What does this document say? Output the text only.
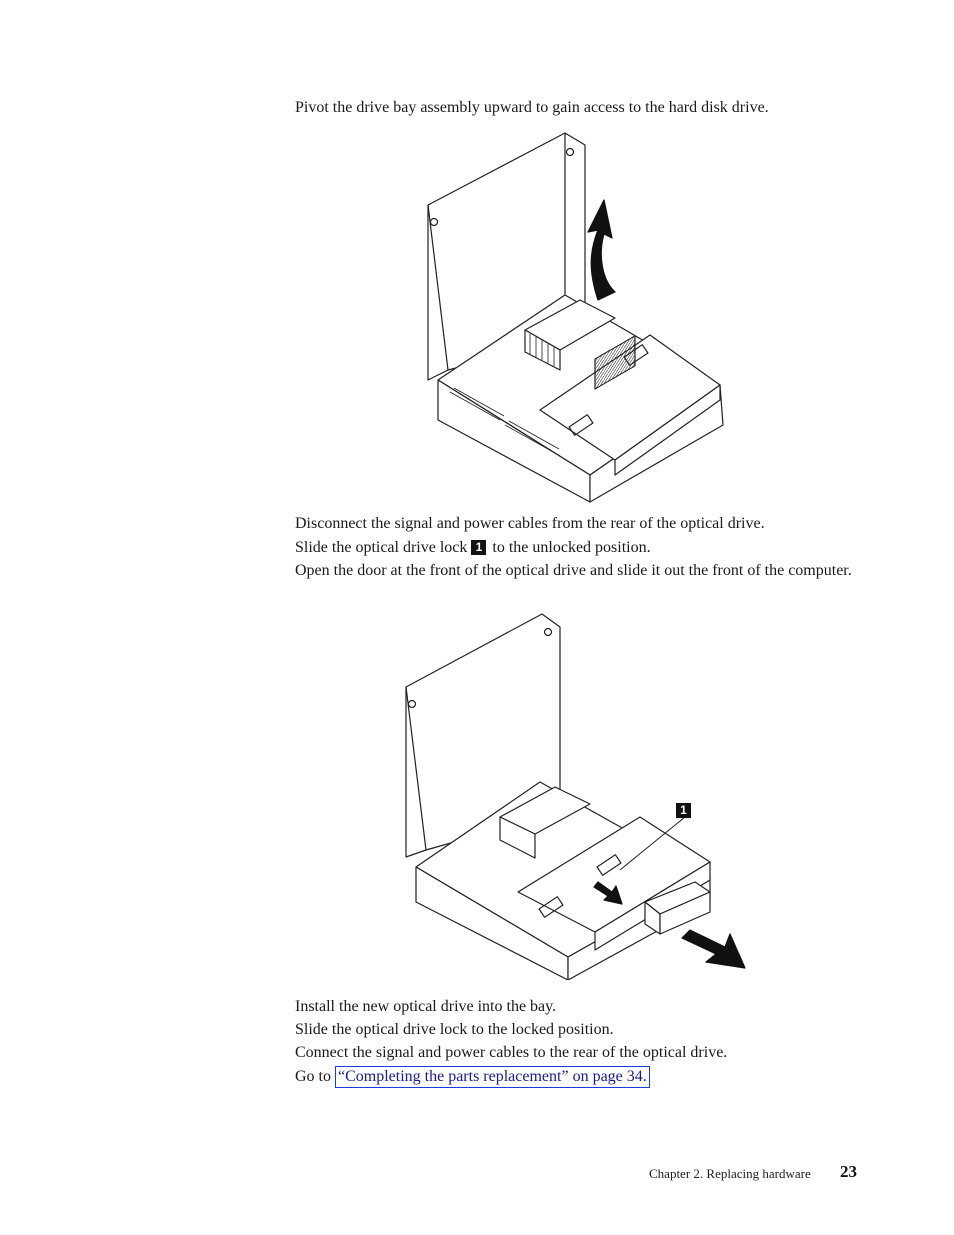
Pivot the drive bay assembly upward to gain access to the hard disk drive.

Disconnect the signal and power cables from the rear of the optical drive.

Slide the optical drive lock 1 to the unlocked position.

Open the door at the front of the optical drive and slide it out the front of the computer.

1

Install the new optical drive into the bay.

Slide the optical drive lock to the locked position.

Connect the signal and power cables to the rear of the optical drive.

Go to “Completing the parts replacement” on page 34.

Chapter 2. Replacing hardware 23
